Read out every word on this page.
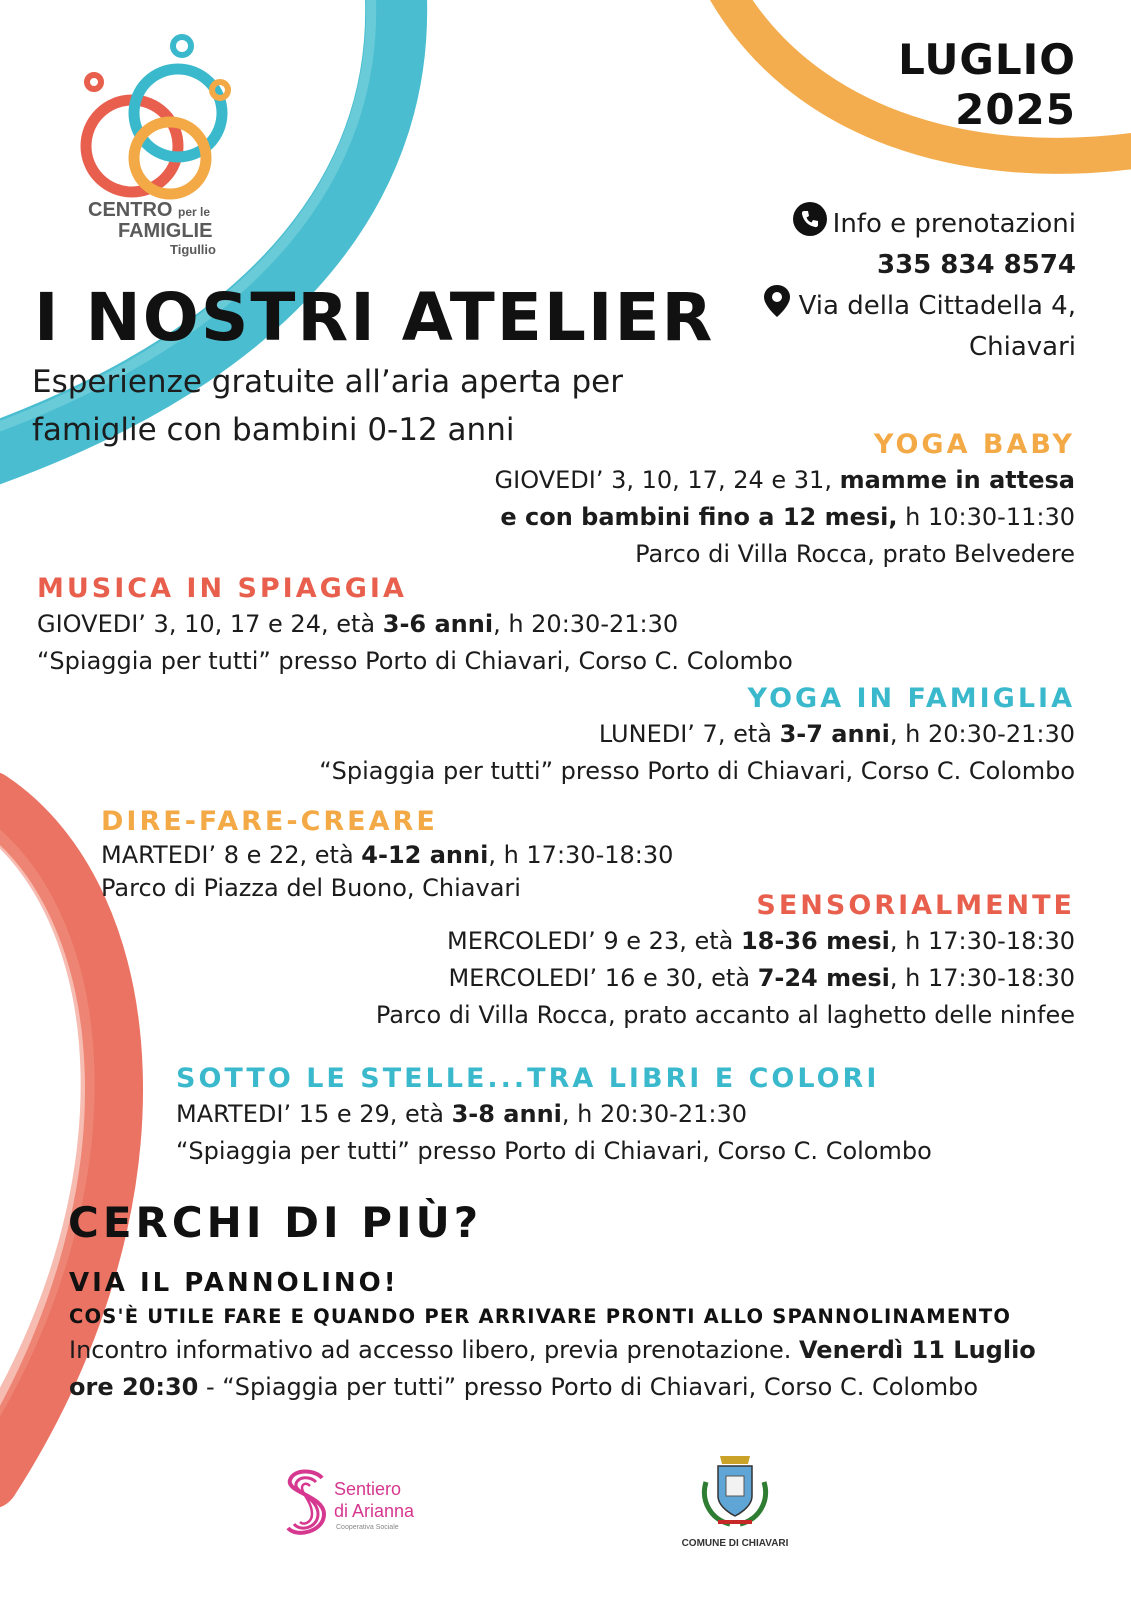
CENTRO per le
FAMIGLIE
Tigullio
LUGLIO
2025
Info e prenotazioni
335 834 8574
Via della Cittadella 4,
Chiavari
I NOSTRI ATELIER
Esperienze gratuite all’aria aperta per
famiglie con bambini 0-12 anni	YOGA BABY
GIOVEDI’ 3, 10, 17, 24 e 31, mamme in attesa
e con bambini fino a 12 mesi, h 10:30-11:30
Parco di Villa Rocca, prato Belvedere
MUSICA IN SPIAGGIA
GIOVEDI’ 3, 10, 17 e 24, età 3-6 anni, h 20:30-21:30
“Spiaggia per tutti” presso Porto di Chiavari, Corso C. Colombo
YOGA IN FAMIGLIA
LUNEDI’ 7, età 3-7 anni, h 20:30-21:30
“Spiaggia per tutti” presso Porto di Chiavari, Corso C. Colombo
DIRE-FARE-CREARE
MARTEDI’ 8 e 22, età 4-12 anni, h 17:30-18:30
Parco di Piazza del Buono, Chiavari
SENSORIALMENTE
MERCOLEDI’ 9 e 23, età 18-36 mesi, h 17:30-18:30
MERCOLEDI’ 16 e 30, età 7-24 mesi, h 17:30-18:30
Parco di Villa Rocca, prato accanto al laghetto delle ninfee
SOTTO LE STELLE...TRA LIBRI E COLORI
MARTEDI’ 15 e 29, età 3-8 anni, h 20:30-21:30
“Spiaggia per tutti” presso Porto di Chiavari, Corso C. Colombo
CERCHI DI PIÙ?
VIA IL PANNOLINO!
COS'È UTILE FARE E QUANDO PER ARRIVARE PRONTI ALLO SPANNOLINAMENTO
Incontro informativo ad accesso libero, previa prenotazione. Venerdì 11 Luglio
ore 20:30 - “Spiaggia per tutti” presso Porto di Chiavari, Corso C. Colombo
Sentiero
di Arianna
Cooperativa Sociale
COMUNE DI CHIAVARI
